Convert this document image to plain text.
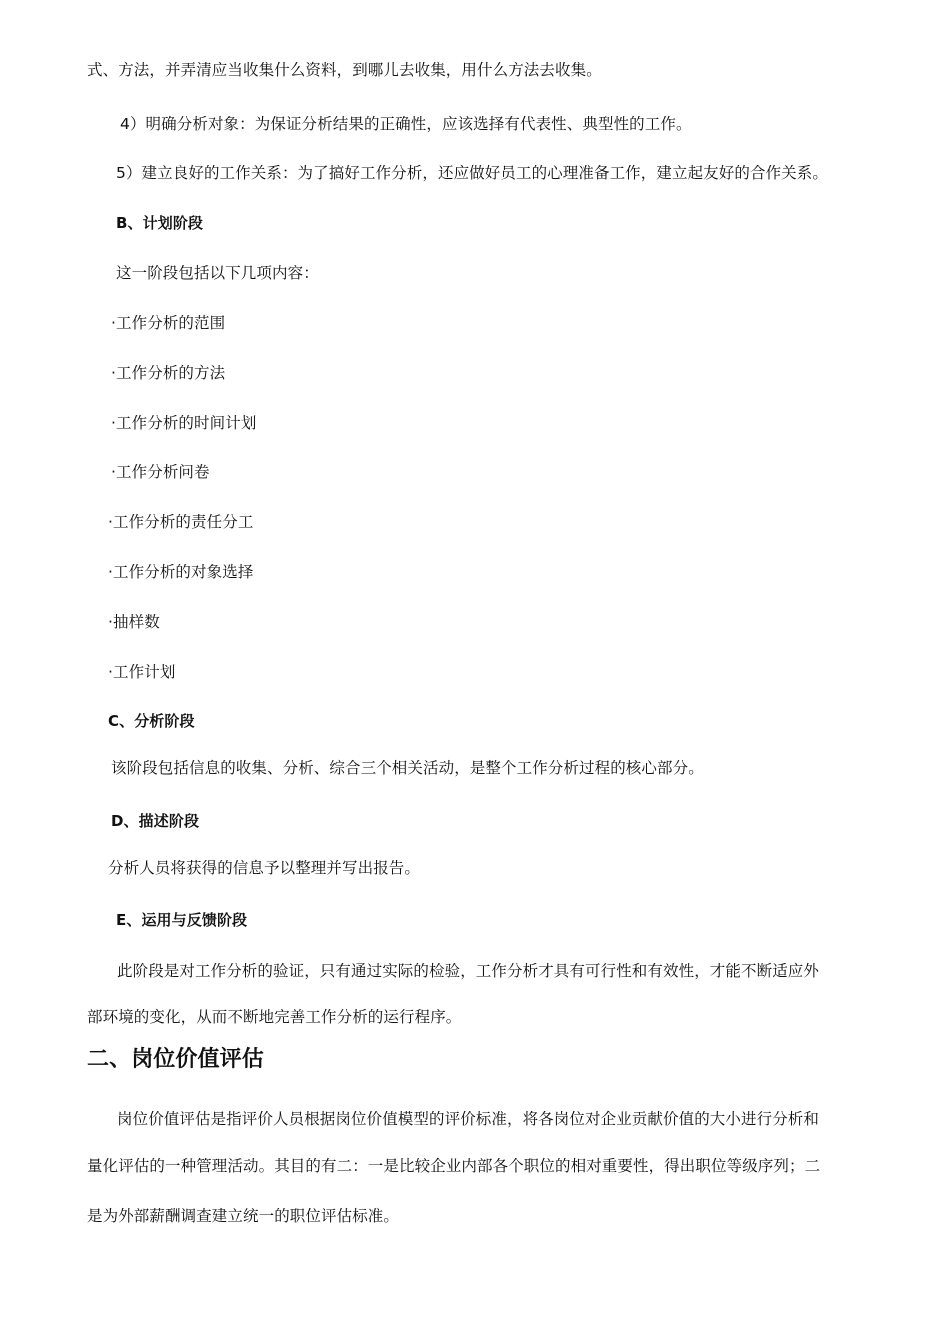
式、方法，并弄清应当收集什么资料，到哪儿去收集，用什么方法去收集。
4）明确分析对象：为保证分析结果的正确性，应该选择有代表性、典型性的工作。
5）建立良好的工作关系：为了搞好工作分析，还应做好员工的心理准备工作，建立起友好的合作关系。
B、计划阶段
这一阶段包括以下几项内容：
·工作分析的范围
·工作分析的方法
·工作分析的时间计划
·工作分析问卷
·工作分析的责任分工
·工作分析的对象选择
·抽样数
·工作计划
C、分析阶段
该阶段包括信息的收集、分析、综合三个相关活动，是整个工作分析过程的核心部分。
D、描述阶段
分析人员将获得的信息予以整理并写出报告。
E、运用与反馈阶段
此阶段是对工作分析的验证，只有通过实际的检验，工作分析才具有可行性和有效性，才能不断适应外
部环境的变化，从而不断地完善工作分析的运行程序。
二、岗位价值评估
岗位价值评估是指评价人员根据岗位价值模型的评价标准，将各岗位对企业贡献价值的大小进行分析和
量化评估的一种管理活动。其目的有二：一是比较企业内部各个职位的相对重要性，得出职位等级序列；二
是为外部薪酬调查建立统一的职位评估标准。
